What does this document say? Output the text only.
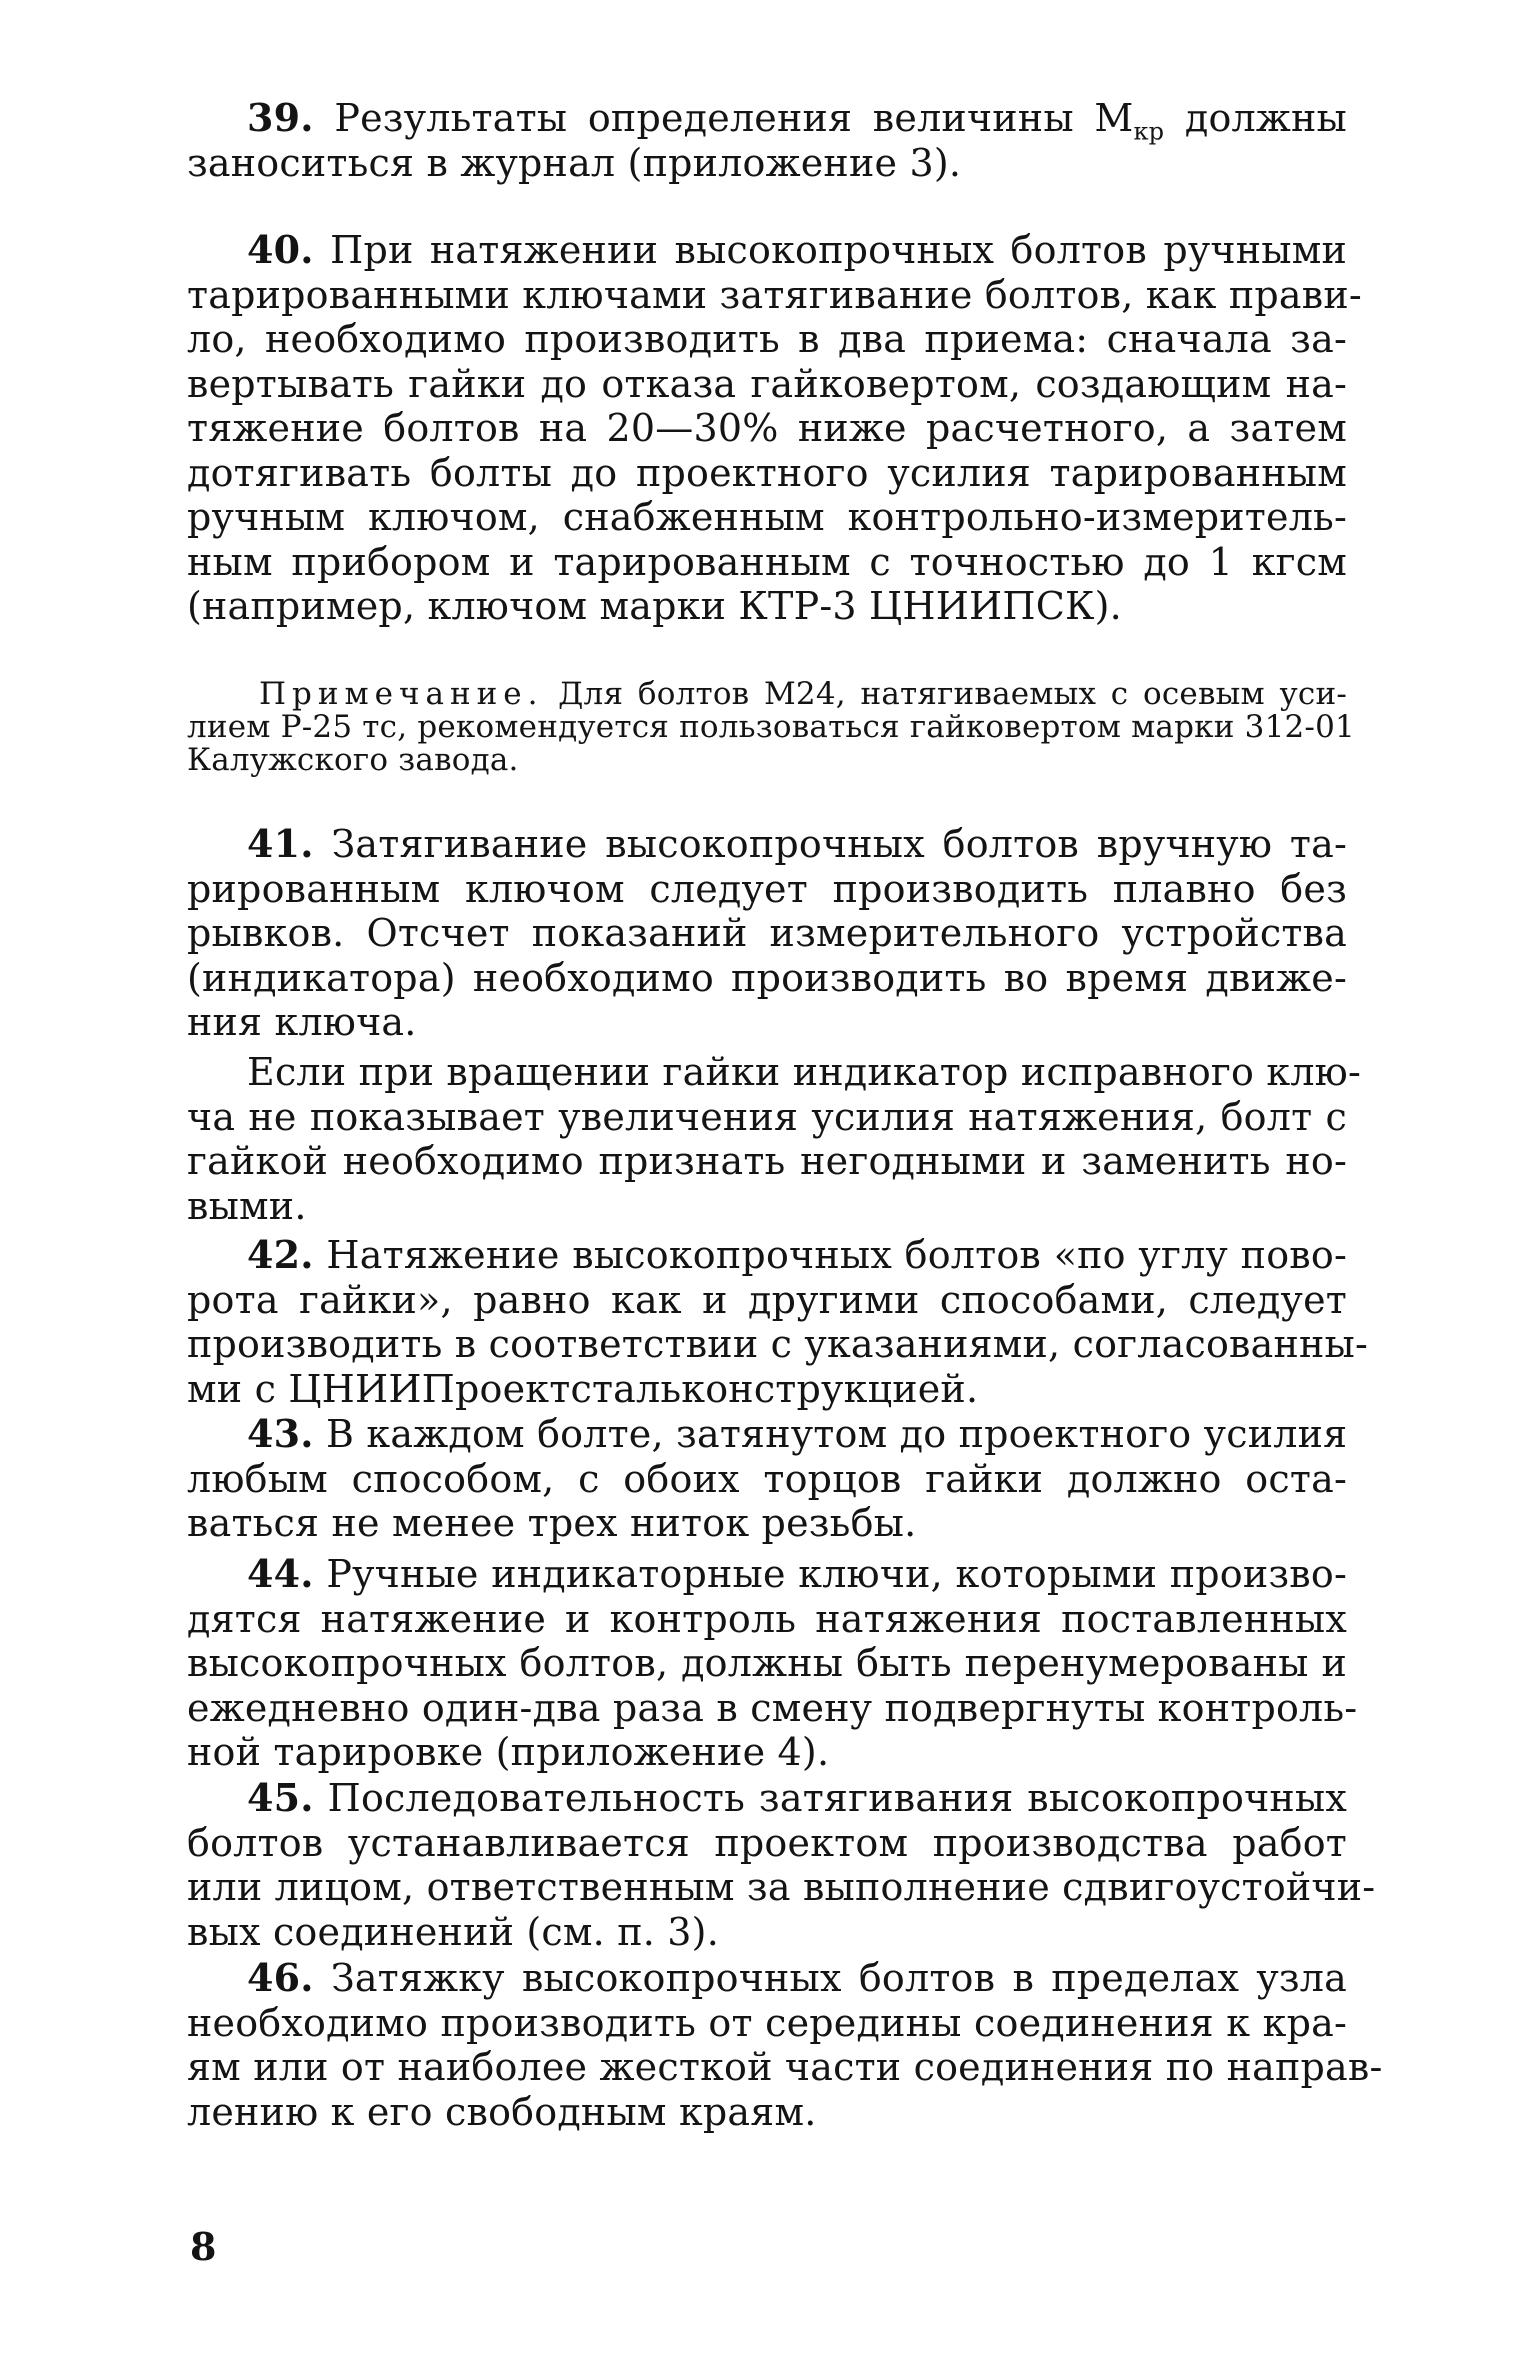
39. Результаты определения величины $М_{кр}$ должны
заноситься в журнал (приложение 3).
40. При натяжении высокопрочных болтов ручными
тарированными ключами затягивание болтов, как прави-
ло, необходимо производить в два приема: сначала за-
вертывать гайки до отказа гайковертом, создающим на-
тяжение болтов на 20—30% ниже расчетного, а затем
дотягивать болты до проектного усилия тарированным
ручным ключом, снабженным контрольно-измеритель-
ным прибором и тарированным с точностью до 1 кгсм
(например, ключом марки КТР-3 ЦНИИПСК).
Примечание. Для болтов М24, натягиваемых с осевым уси-
лием Р-25 тс, рекомендуется пользоваться гайковертом марки 312-01
Калужского завода.
41. Затягивание высокопрочных болтов вручную та-
рированным ключом следует производить плавно без
рывков. Отсчет показаний измерительного устройства
(индикатора) необходимо производить во время движе-
ния ключа.
Если при вращении гайки индикатор исправного клю-
ча не показывает увеличения усилия натяжения, болт с
гайкой необходимо признать негодными и заменить но-
выми.
42. Натяжение высокопрочных болтов «по углу пово-
рота гайки», равно как и другими способами, следует
производить в соответствии с указаниями, согласованны-
ми с ЦНИИПроектстальконструкцией.
43. В каждом болте, затянутом до проектного усилия
любым способом, с обоих торцов гайки должно оста-
ваться не менее трех ниток резьбы.
44. Ручные индикаторные ключи, которыми произво-
дятся натяжение и контроль натяжения поставленных
высокопрочных болтов, должны быть перенумерованы и
ежедневно один-два раза в смену подвергнуты контроль-
ной тарировке (приложение 4).
45. Последовательность затягивания высокопрочных
болтов устанавливается проектом производства работ
или лицом, ответственным за выполнение сдвигоустойчи-
вых соединений (см. п. 3).
46. Затяжку высокопрочных болтов в пределах узла
необходимо производить от середины соединения к кра-
ям или от наиболее жесткой части соединения по направ-
лению к его свободным краям.
8
